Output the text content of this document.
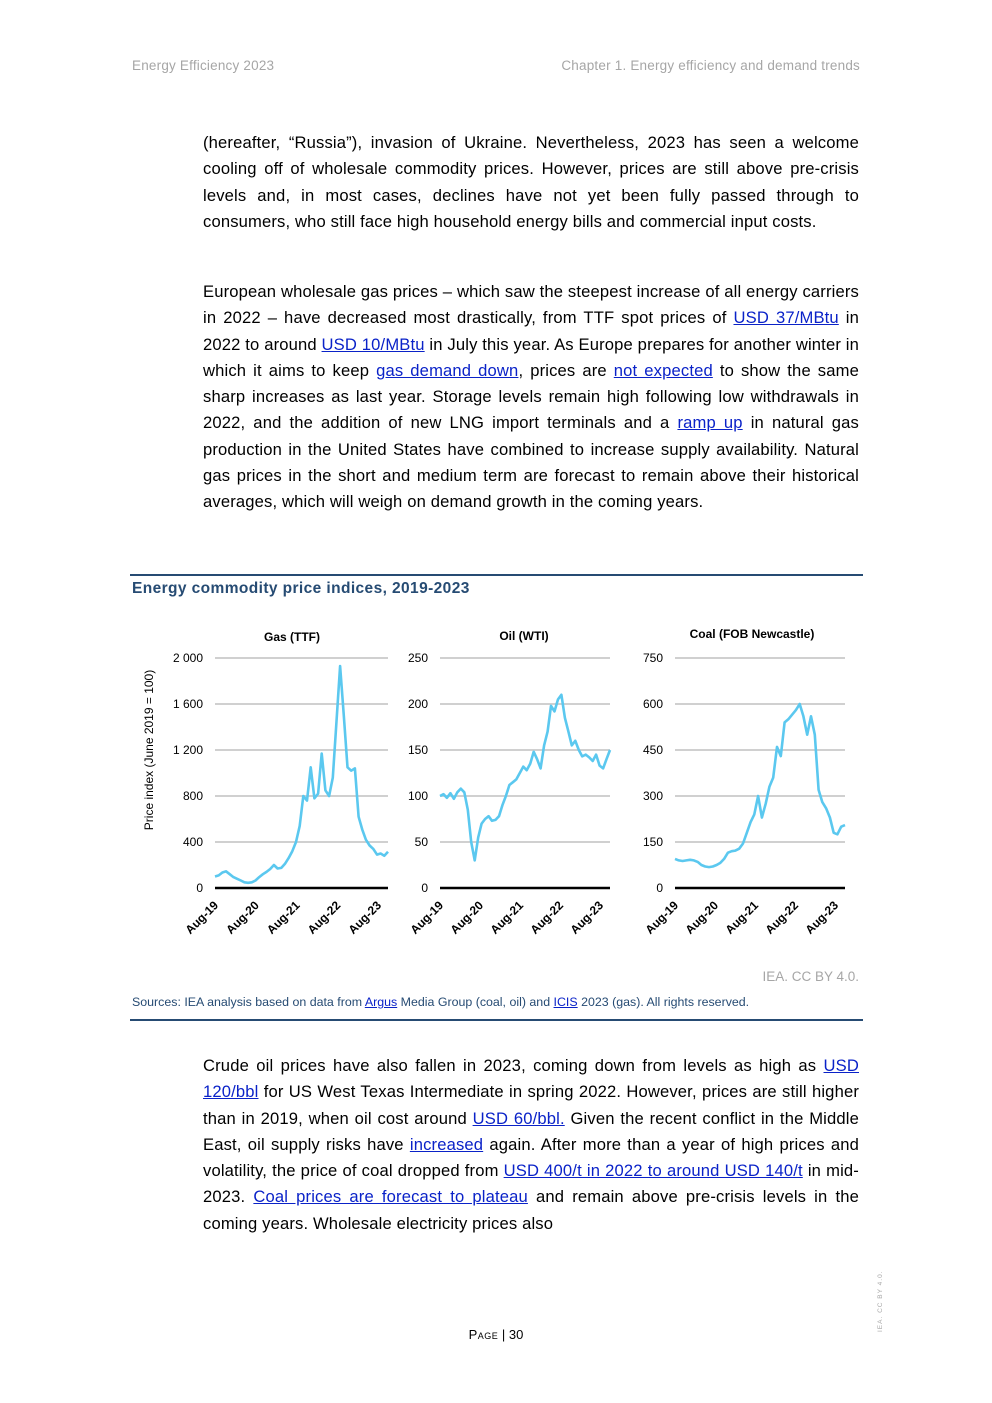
Energy Efficiency 2023	Chapter 1. Energy efficiency and demand trends

(hereafter, “Russia”), invasion of Ukraine. Nevertheless, 2023 has seen a welcome cooling off of wholesale commodity prices. However, prices are still above pre-crisis levels and, in most cases, declines have not yet been fully passed through to consumers, who still face high household energy bills and commercial input costs.

European wholesale gas prices – which saw the steepest increase of all energy carriers in 2022 – have decreased most drastically, from TTF spot prices of USD 37/MBtu in 2022 to around USD 10/MBtu in July this year. As Europe prepares for another winter in which it aims to keep gas demand down, prices are not expected to show the same sharp increases as last year. Storage levels remain high following low withdrawals in 2022, and the addition of new LNG import terminals and a ramp up in natural gas production in the United States have combined to increase supply availability. Natural gas prices in the short and medium term are forecast to remain above their historical averages, which will weigh on demand growth in the coming years.

Energy commodity price indices, 2019-2023
Price index (June 2019 = 100)
Gas (TTF)
0
400
800
1 200
1 600
2 000
Aug-19 Aug-20 Aug-21 Aug-22 Aug-23
Oil (WTI)
0
50
100
150
200
250
Aug-19 Aug-20 Aug-21 Aug-22 Aug-23
Coal (FOB Newcastle)
0
150
300
450
600
750
Aug-19 Aug-20 Aug-21 Aug-22 Aug-23
IEA. CC BY 4.0.
Sources: IEA analysis based on data from Argus Media Group (coal, oil) and ICIS 2023 (gas). All rights reserved.

Crude oil prices have also fallen in 2023, coming down from levels as high as USD 120/bbl for US West Texas Intermediate in spring 2022. However, prices are still higher than in 2019, when oil cost around USD 60/bbl. Given the recent conflict in the Middle East, oil supply risks have increased again. After more than a year of high prices and volatility, the price of coal dropped from USD 400/t in 2022 to around USD 140/t in mid-2023. Coal prices are forecast to plateau and remain above pre-crisis levels in the coming years. Wholesale electricity prices also

Page | 30
IEA. CC BY 4.0.
